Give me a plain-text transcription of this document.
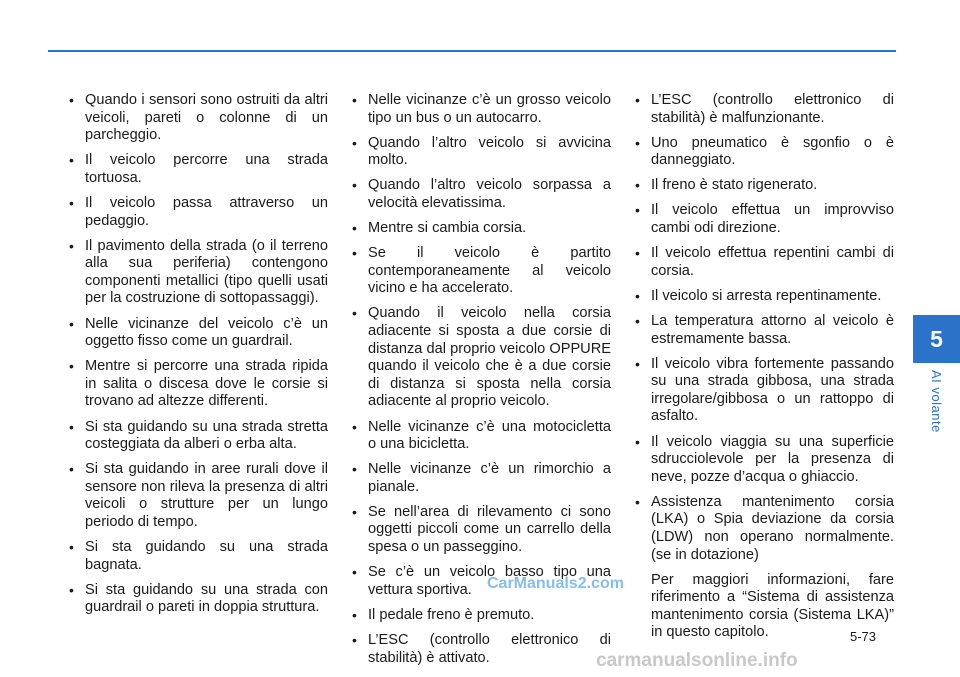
• Quando i sensori sono ostruiti da altri veicoli, pareti o colonne di un parcheggio.
• Il veicolo percorre una strada tortuosa.
• Il veicolo passa attraverso un pedaggio.
• Il pavimento della strada (o il terreno alla sua periferia) contengono componenti metallici (tipo quelli usati per la costruzione di sottopassaggi).
• Nelle vicinanze del veicolo c’è un oggetto fisso come un guardrail.
• Mentre si percorre una strada ripida in salita o discesa dove le corsie si trovano ad altezze differenti.
• Si sta guidando su una strada stretta costeggiata da alberi o erba alta.
• Si sta guidando in aree rurali dove il sensore non rileva la presenza di altri veicoli o strutture per un lungo periodo di tempo.
• Si sta guidando su una strada bagnata.
• Si sta guidando su una strada con guardrail o pareti in doppia struttura.
• Nelle vicinanze c’è un grosso veicolo tipo un bus o un autocarro.
• Quando l’altro veicolo si avvicina molto.
• Quando l’altro veicolo sorpassa a velocità elevatissima.
• Mentre si cambia corsia.
• Se il veicolo è partito contemporaneamente al veicolo vicino e ha accelerato.
• Quando il veicolo nella corsia adiacente si sposta a due corsie di distanza dal proprio veicolo OPPURE quando il veicolo che è a due corsie di distanza si sposta nella corsia adiacente al proprio veicolo.
• Nelle vicinanze c’è una motocicletta o una bicicletta.
• Nelle vicinanze c’è un rimorchio a pianale.
• Se nell’area di rilevamento ci sono oggetti piccoli come un carrello della spesa o un passeggino.
• Se c’è un veicolo basso tipo una vettura sportiva.
• Il pedale freno è premuto.
• L’ESC (controllo elettronico di stabilità) è attivato.
• L’ESC (controllo elettronico di stabilità) è malfunzionante.
• Uno pneumatico è sgonfio o è danneggiato.
• Il freno è stato rigenerato.
• Il veicolo effettua un improvviso cambi odi direzione.
• Il veicolo effettua repentini cambi di corsia.
• Il veicolo si arresta repentinamente.
• La temperatura attorno al veicolo è estremamente bassa.
• Il veicolo vibra fortemente passando su una strada gibbosa, una strada irregolare/gibbosa o un rattoppo di asfalto.
• Il veicolo viaggia su una superficie sdrucciolevole per la presenza di neve, pozze d’acqua o ghiaccio.
• Assistenza mantenimento corsia (LKA) o Spia deviazione da corsia (LDW) non operano normalmente. (se in dotazione)

Per maggiori informazioni, fare riferimento a “Sistema di assistenza mantenimento corsia (Sistema LKA)” in questo capitolo.

5
AI volante
5-73
CarManuals2.com
carmanualsonline.info
